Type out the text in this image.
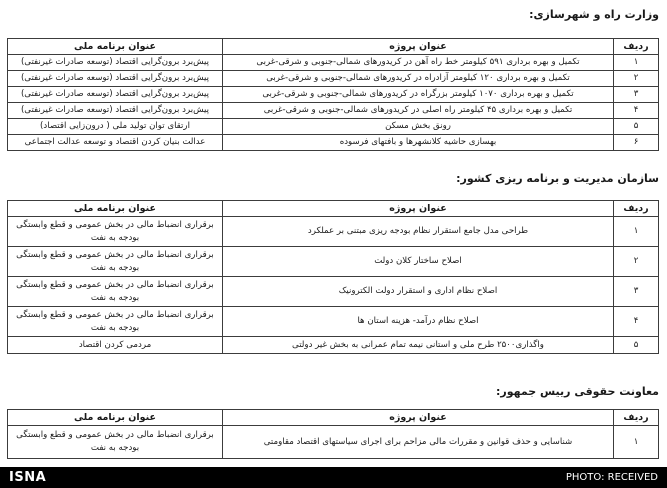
وزارت راه و شهرسازی:
ردیف	عنوان پروژه	عنوان برنامه ملی
۱	تکمیل و بهره برداری ۵۹۱ کیلومتر خط راه آهن در کریدورهای شمالی-جنوبی و شرقی-غربی	پیش‌برد برون‌گرایی اقتصاد (توسعه صادرات غیرنفتی)
۲	تکمیل و بهره برداری ۱۲۰ کیلومتر آزادراه در کریدورهای شمالی-جنوبی و شرقی-غربی	پیش‌برد برون‌گرایی اقتصاد (توسعه صادرات غیرنفتی)
۳	تکمیل و بهره برداری ۱۰۷۰ کیلومتر بزرگراه در کریدورهای شمالی-جنوبی و شرقی-غربی	پیش‌برد برون‌گرایی اقتصاد (توسعه صادرات غیرنفتی)
۴	تکمیل و بهره برداری ۴۵ کیلومتر راه اصلی در کریدورهای شمالی-جنوبی و شرقی-غربی	پیش‌برد برون‌گرایی اقتصاد (توسعه صادرات غیرنفتی)
۵	رونق بخش مسکن	ارتقای توان تولید ملی ( درون‌زایی اقتصاد)
۶	بهسازی حاشیه کلانشهرها و بافتهای فرسوده	عدالت بنیان کردن اقتصاد و توسعه عدالت اجتماعی
سازمان مدیریت و برنامه ریزی کشور:
ردیف	عنوان پروژه	عنوان برنامه ملی
۱	طراحی مدل جامع استقرار نظام بودجه ریزی مبتنی بر عملکرد	برقراری انضباط مالی در بخش عمومی و قطع وابستگی بودجه به نفت
۲	اصلاح ساختار کلان دولت	برقراری انضباط مالی در بخش عمومی و قطع وابستگی بودجه به نفت
۳	اصلاح نظام اداری و استقرار دولت الکترونیک	برقراری انضباط مالی در بخش عمومی و قطع وابستگی بودجه به نفت
۴	اصلاح نظام درآمد- هزینه استان ها	برقراری انضباط مالی در بخش عمومی و قطع وابستگی بودجه به نفت
۵	واگذاری۲۵۰۰ طرح ملی و استانی نیمه تمام عمرانی به بخش غیر دولتی	مردمی کردن اقتصاد
معاونت حقوقی رییس جمهور:
ردیف	عنوان پروژه	عنوان برنامه ملی
۱	شناسایی و حذف قوانین و مقررات مالی مزاحم برای اجرای سیاستهای اقتصاد مقاومتی	برقراری انضباط مالی در بخش عمومی و قطع وابستگی بودجه به نفت
ISNA	PHOTO: RECEIVED
